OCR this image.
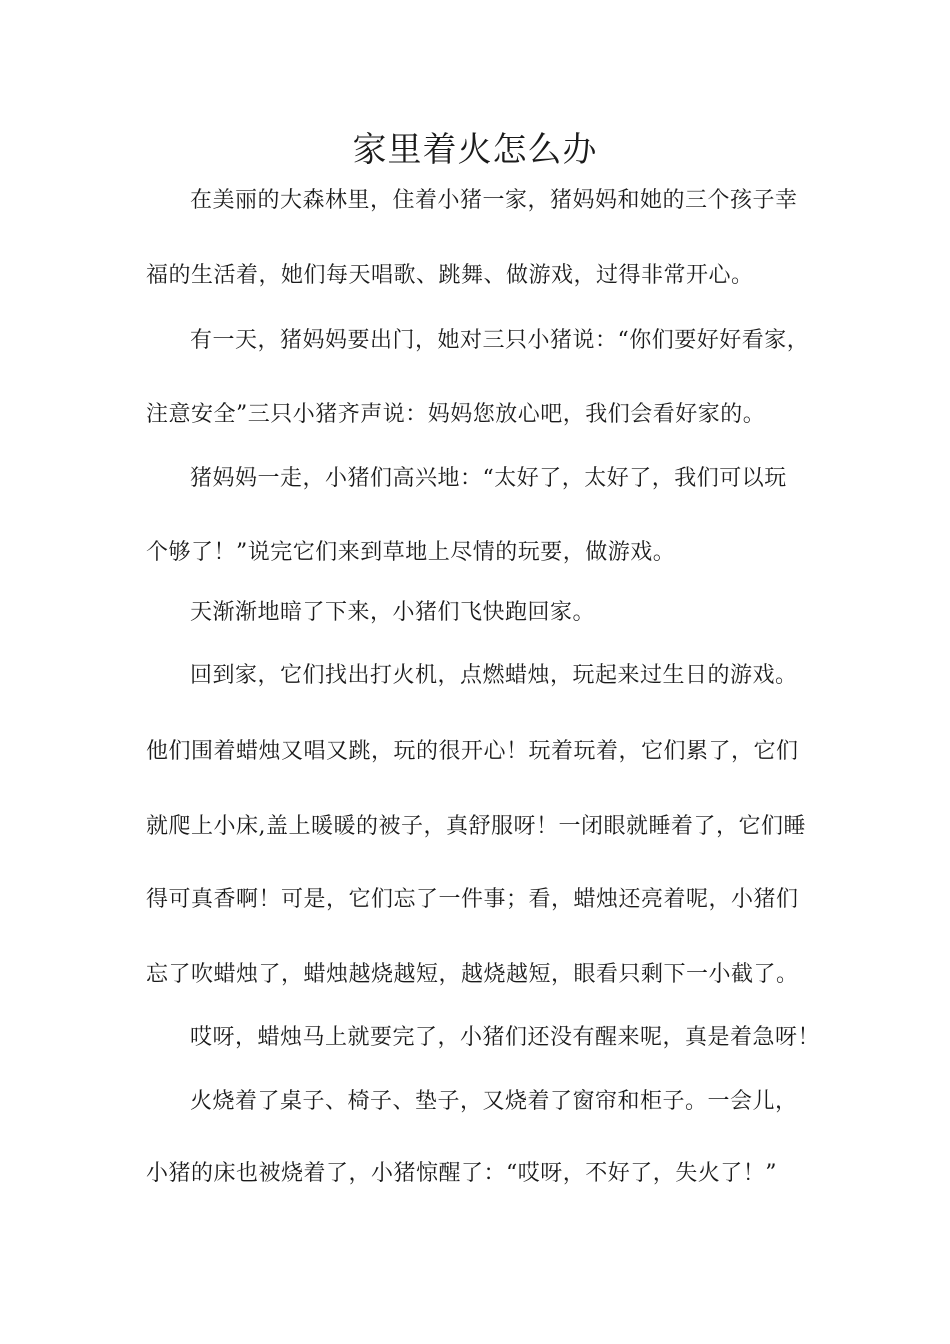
家里着火怎么办
在美丽的大森林里，住着小猪一家，猪妈妈和她的三个孩子幸
福的生活着，她们每天唱歌、跳舞、做游戏，过得非常开心。
有一天，猪妈妈要出门，她对三只小猪说：“你们要好好看家，
注意安全”三只小猪齐声说：妈妈您放心吧，我们会看好家的。
猪妈妈一走，小猪们高兴地：“太好了，太好了，我们可以玩
个够了！”说完它们来到草地上尽情的玩要，做游戏。
天渐渐地暗了下来，小猪们飞快跑回家。
回到家，它们找出打火机，点燃蜡烛，玩起来过生日的游戏。
他们围着蜡烛又唱又跳，玩的很开心！玩着玩着，它们累了，它们
就爬上小床,盖上暖暖的被子，真舒服呀！一闭眼就睡着了，它们睡
得可真香啊！可是，它们忘了一件事；看，蜡烛还亮着呢，小猪们
忘了吹蜡烛了，蜡烛越烧越短，越烧越短，眼看只剩下一小截了。
哎呀，蜡烛马上就要完了，小猪们还没有醒来呢，真是着急呀！
火烧着了桌子、椅子、垫子，又烧着了窗帘和柜子。一会儿，
小猪的床也被烧着了，小猪惊醒了：“哎呀，不好了，失火了！”
